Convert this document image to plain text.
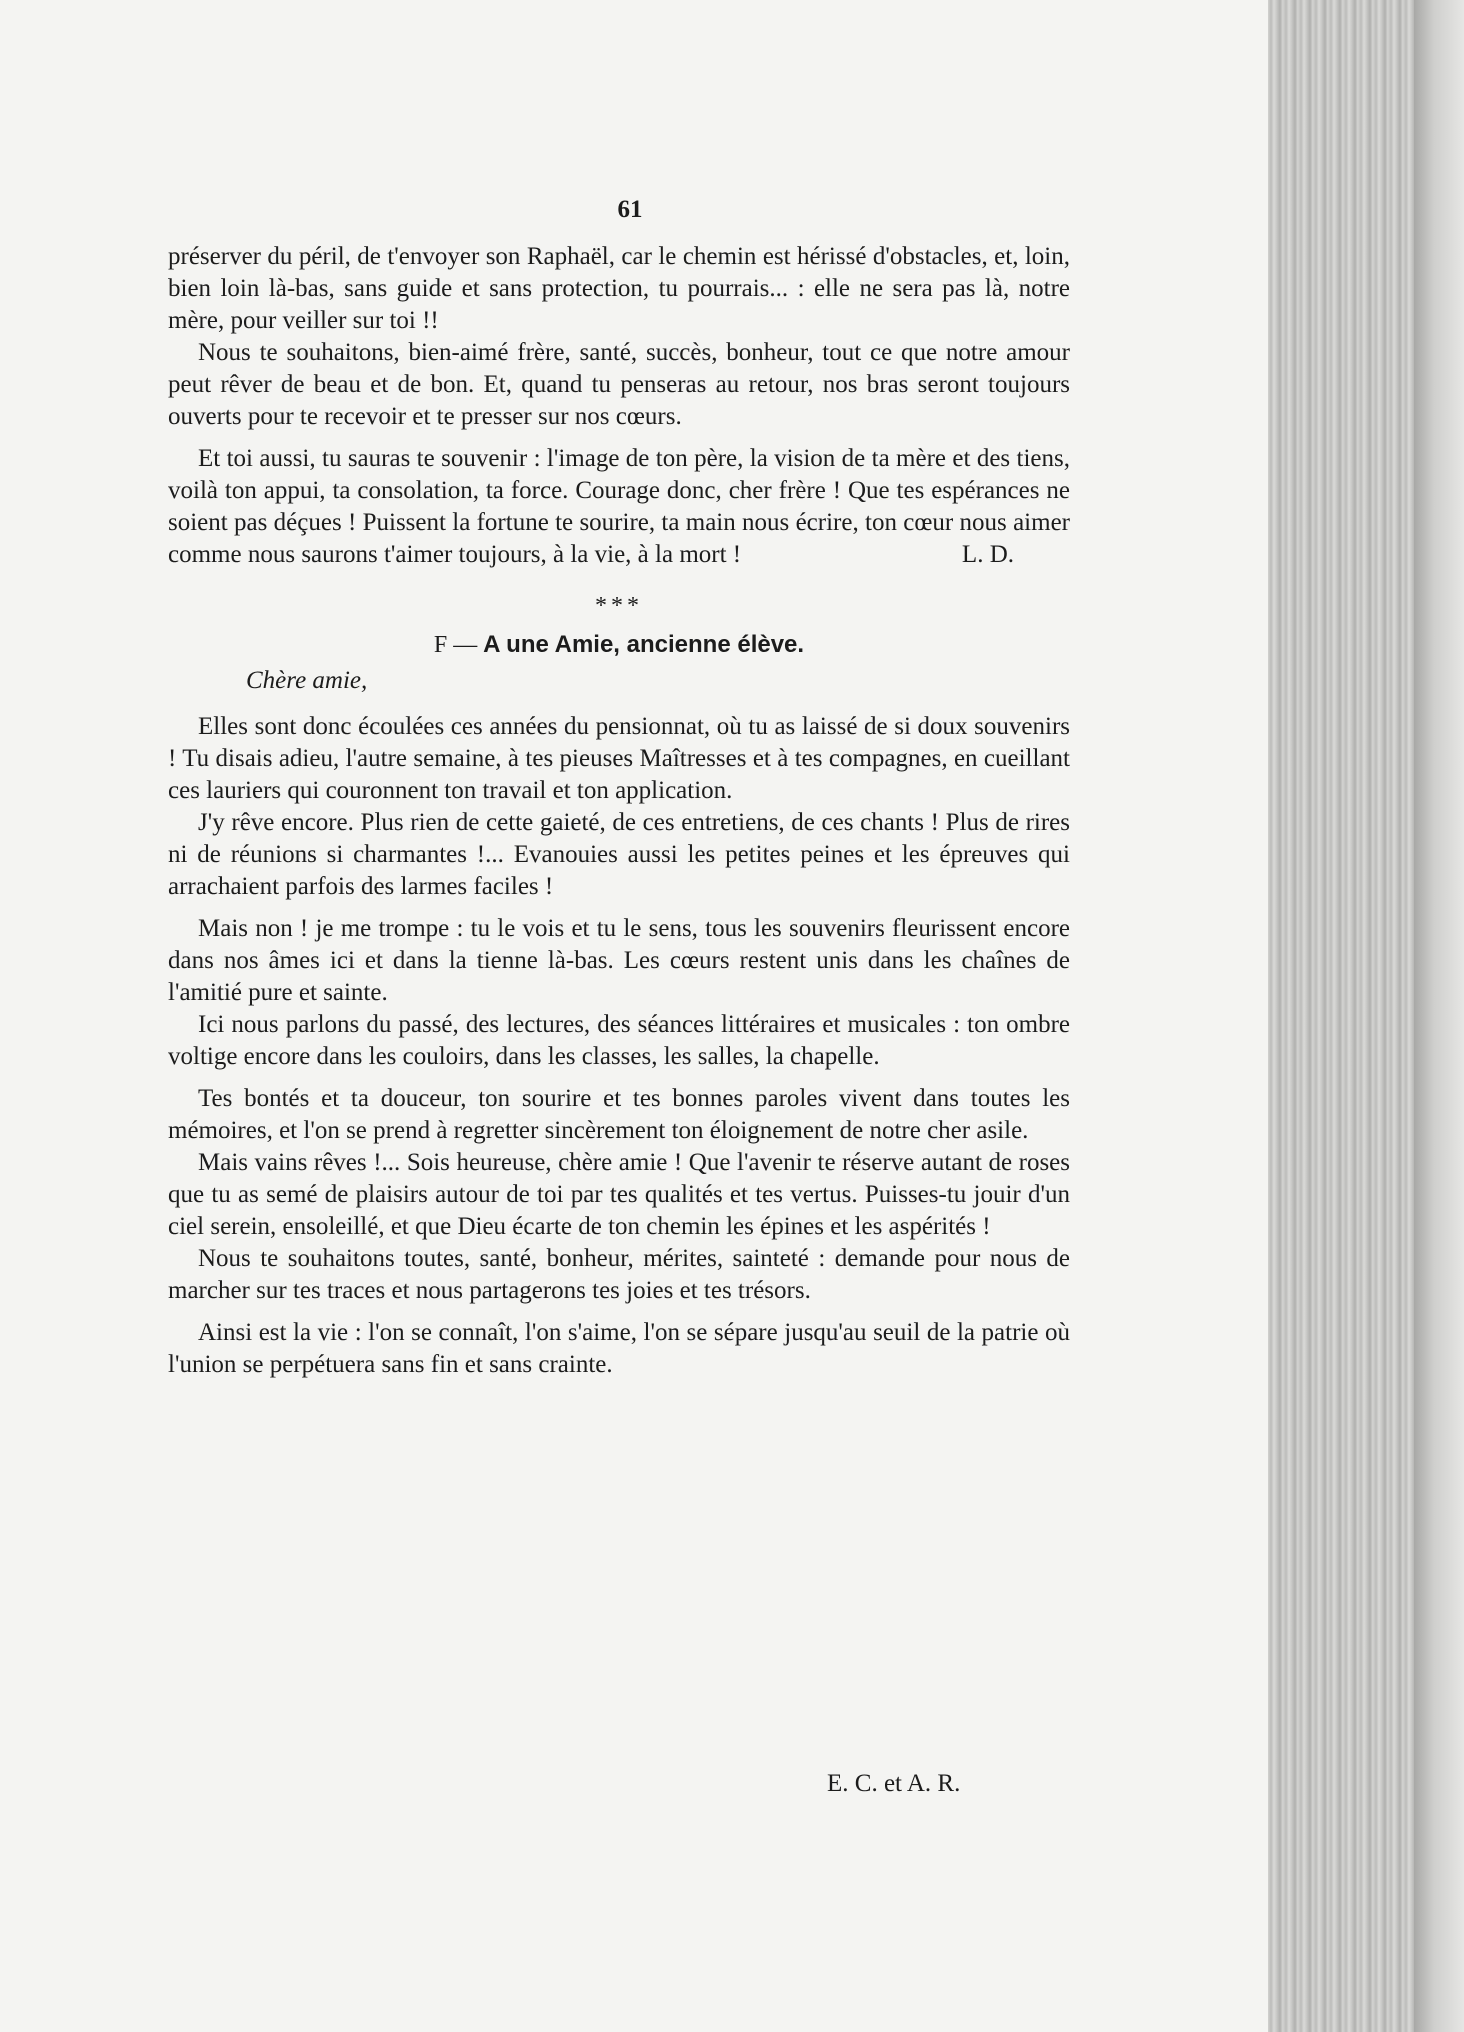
61

préserver du péril, de t'envoyer son Raphaël, car le chemin est hérissé d'obstacles, et, loin, bien loin là-bas, sans guide et sans protection, tu pourrais... : elle ne sera pas là, notre mère, pour veiller sur toi !!

Nous te souhaitons, bien-aimé frère, santé, succès, bonheur, tout ce que notre amour peut rêver de beau et de bon. Et, quand tu penseras au retour, nos bras seront toujours ouverts pour te recevoir et te presser sur nos cœurs.

Et toi aussi, tu sauras te souvenir : l'image de ton père, la vision de ta mère et des tiens, voilà ton appui, ta consolation, ta force. Courage donc, cher frère ! Que tes espérances ne soient pas déçues ! Puissent la fortune te sourire, ta main nous écrire, ton cœur nous aimer comme nous saurons t'aimer toujours, à la vie, à la mort !	L. D.
***
F — A une Amie, ancienne élève.
Chère amie,

Elles sont donc écoulées ces années du pensionnat, où tu as laissé de si doux souvenirs ! Tu disais adieu, l'autre semaine, à tes pieuses Maîtresses et à tes compagnes, en cueillant ces lauriers qui couronnent ton travail et ton application.

J'y rêve encore. Plus rien de cette gaieté, de ces entretiens, de ces chants ! Plus de rires ni de réunions si charmantes !... Evanouies aussi les petites peines et les épreuves qui arrachaient parfois des larmes faciles !

Mais non ! je me trompe : tu le vois et tu le sens, tous les souvenirs fleurissent encore dans nos âmes ici et dans la tienne là-bas. Les cœurs restent unis dans les chaînes de l'amitié pure et sainte.

Ici nous parlons du passé, des lectures, des séances littéraires et musicales : ton ombre voltige encore dans les couloirs, dans les classes, les salles, la chapelle.

Tes bontés et ta douceur, ton sourire et tes bonnes paroles vivent dans toutes les mémoires, et l'on se prend à regretter sincèrement ton éloignement de notre cher asile.

Mais vains rêves !... Sois heureuse, chère amie ! Que l'avenir te réserve autant de roses que tu as semé de plaisirs autour de toi par tes qualités et tes vertus. Puisses-tu jouir d'un ciel serein, ensoleillé, et que Dieu écarte de ton chemin les épines et les aspérités !

Nous te souhaitons toutes, santé, bonheur, mérites, sainteté : demande pour nous de marcher sur tes traces et nous partagerons tes joies et tes trésors.

Ainsi est la vie : l'on se connaît, l'on s'aime, l'on se sépare jusqu'au seuil de la patrie où l'union se perpétuera sans fin et sans crainte.

E. C. et A. R.
